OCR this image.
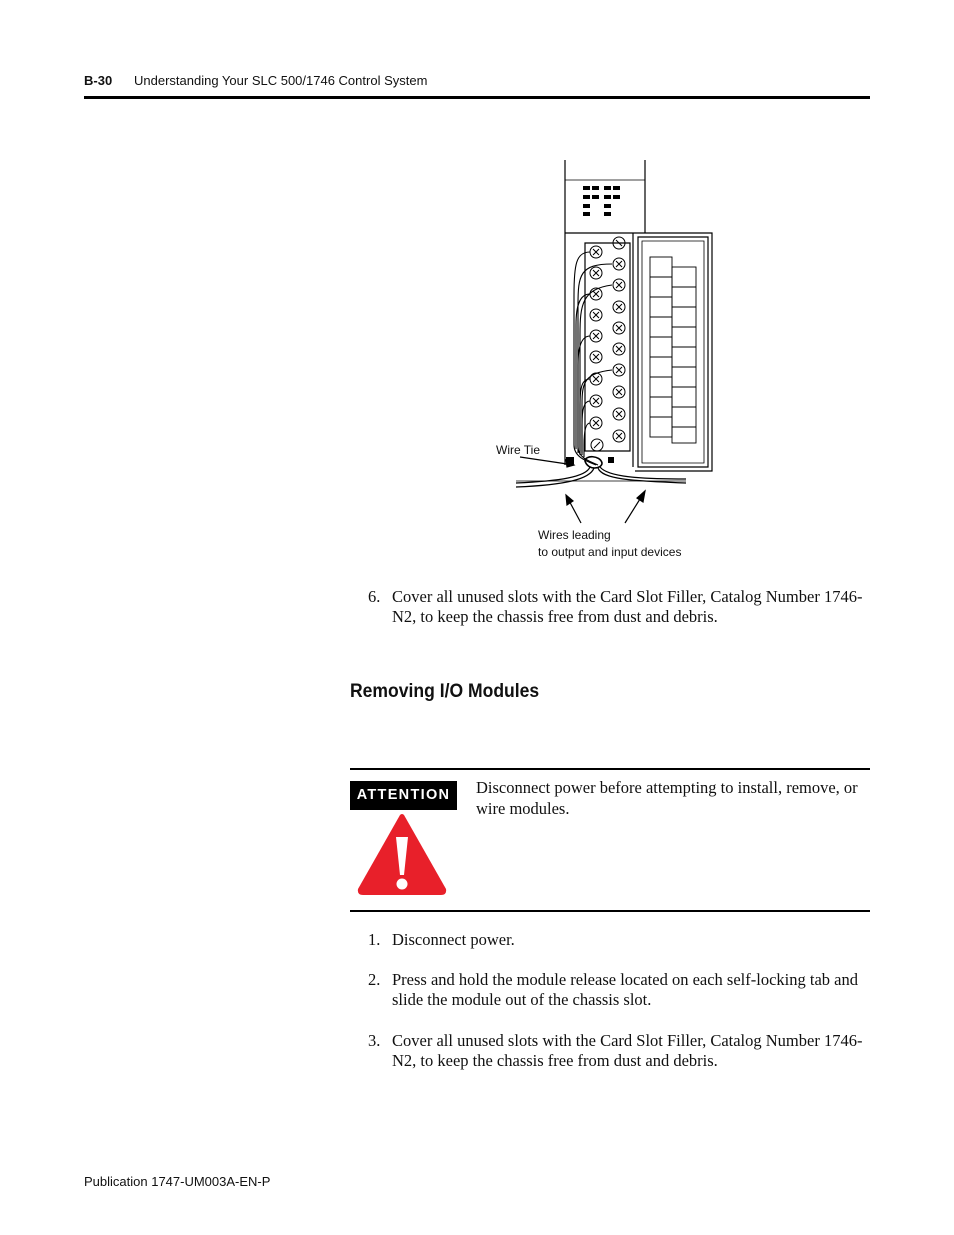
B-30 Understanding Your SLC 500/1746 Control System
Wire Tie
Wires leading
to output and input devices
6. Cover all unused slots with the Card Slot Filler, Catalog Number 1746-N2, to keep the chassis free from dust and debris.
Removing I/O Modules
ATTENTION	Disconnect power before attempting to install, remove, or wire modules.
1. Disconnect power.
2. Press and hold the module release located on each self-locking tab and slide the module out of the chassis slot.
3. Cover all unused slots with the Card Slot Filler, Catalog Number 1746-N2, to keep the chassis free from dust and debris.
Publication 1747-UM003A-EN-P
